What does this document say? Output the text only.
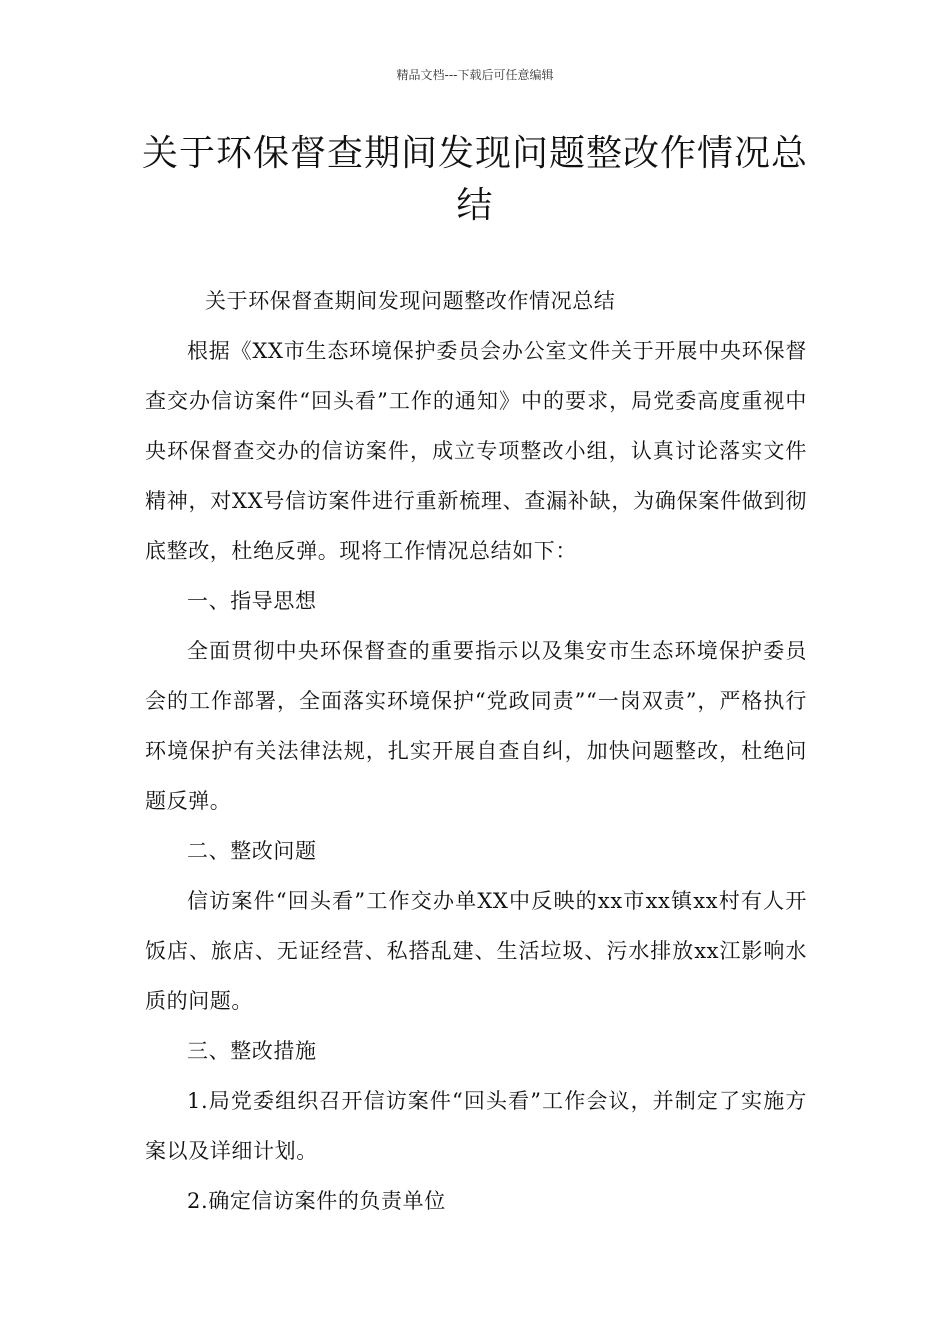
精品文档---下载后可任意编辑
关于环保督查期间发现问题整改作情况总结

关于环保督查期间发现问题整改作情况总结

根据《XX市生态环境保护委员会办公室文件关于开展中央环保督查交办信访案件“回头看”工作的通知》中的要求，局党委高度重视中央环保督查交办的信访案件，成立专项整改小组，认真讨论落实文件精神，对XX号信访案件进行重新梳理、查漏补缺，为确保案件做到彻底整改，杜绝反弹。现将工作情况总结如下：

一、指导思想

全面贯彻中央环保督查的重要指示以及集安市生态环境保护委员会的工作部署，全面落实环境保护“党政同责”“一岗双责”，严格执行环境保护有关法律法规，扎实开展自查自纠，加快问题整改，杜绝问题反弹。

二、整改问题

信访案件“回头看”工作交办单XX中反映的xx市xx镇xx村有人开饭店、旅店、无证经营、私搭乱建、生活垃圾、污水排放xx江影响水质的问题。

三、整改措施

1.局党委组织召开信访案件“回头看”工作会议，并制定了实施方案以及详细计划。

2.确定信访案件的负责单位
